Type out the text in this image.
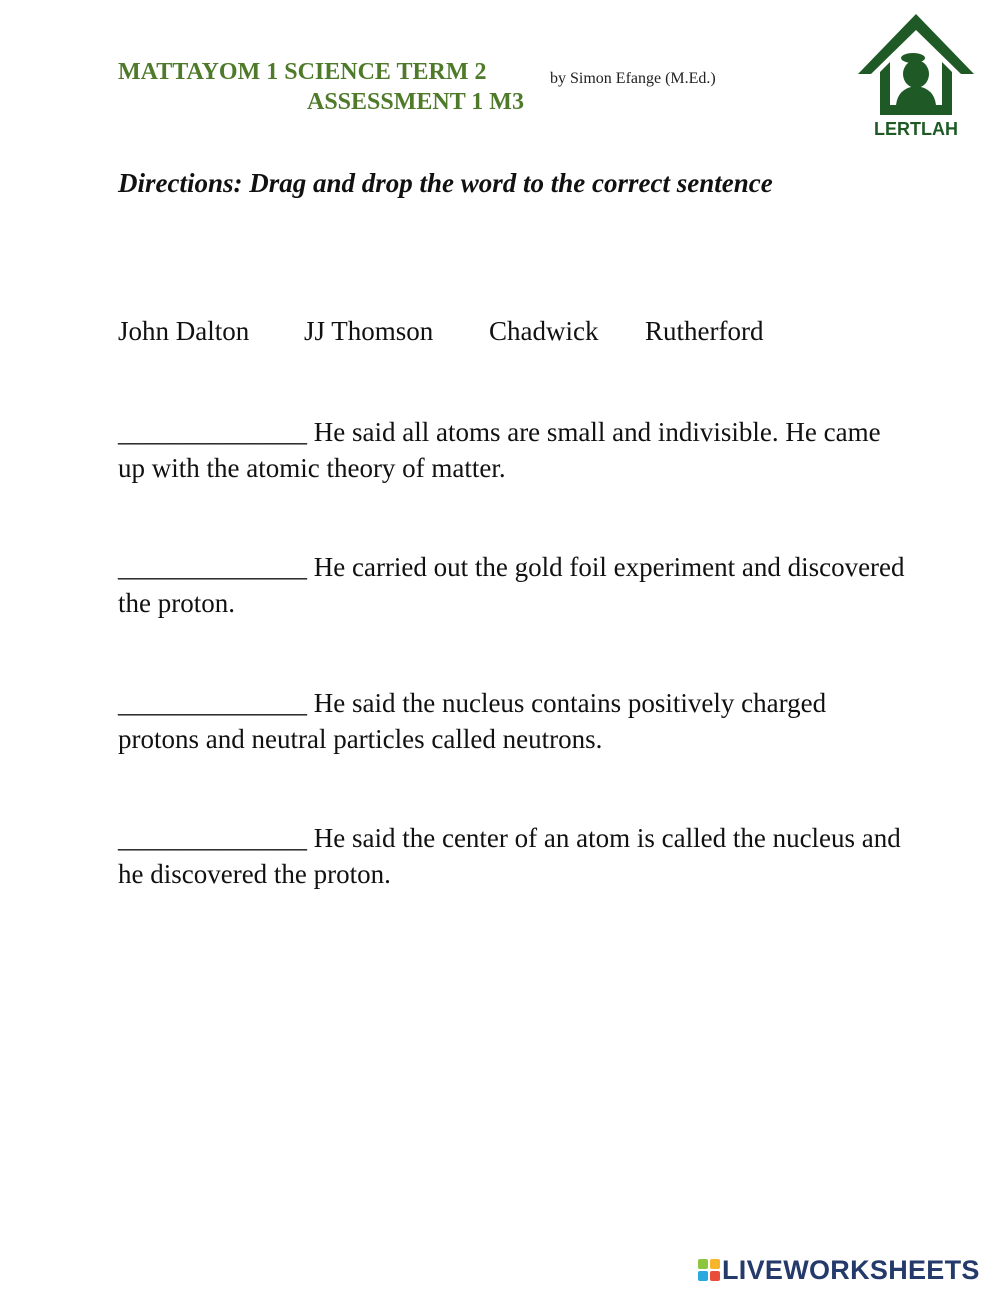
MATTAYOM 1 SCIENCE TERM 2	by Simon Efange (M.Ed.)
ASSESSMENT 1 M3
LERTLAH
Directions: Drag and drop the word to the correct sentence
John Dalton JJ Thomson Chadwick Rutherford
______________ He said all atoms are small and indivisible. He came up with the atomic theory of matter.
______________ He carried out the gold foil experiment and discovered the proton.
______________ He said the nucleus contains positively charged protons and neutral particles called neutrons.
______________ He said the center of an atom is called the nucleus and he discovered the proton.
LIVEWORKSHEETS
